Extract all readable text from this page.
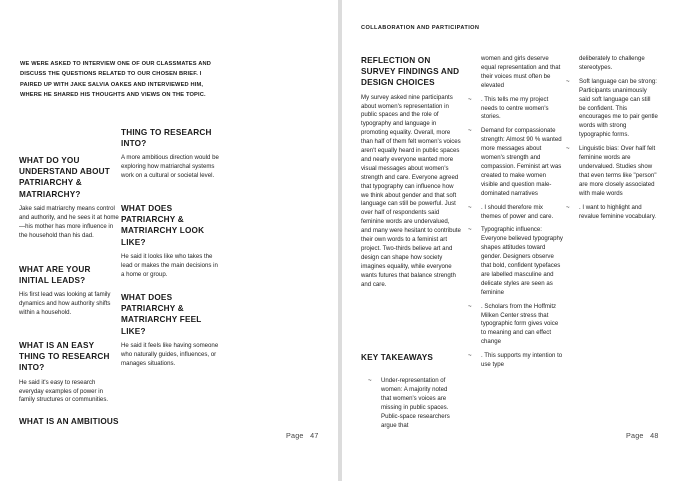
WE WERE ASKED TO INTERVIEW ONE OF OUR CLASSMATES AND DISCUSS THE QUESTIONS RELATED TO OUR CHOSEN BRIEF. I PAIRED UP WITH JAKE SALVIA OAKES AND INTERVIEWED HIM, WHERE HE SHARED HIS THOUGHTS AND VIEWS ON THE TOPIC.
WHAT DO YOU UNDERSTAND ABOUT PATRIARCHY & MATRIARCHY?
Jake said matriarchy means control and authority, and he sees it at home—his mother has more influence in the household than his dad.
WHAT ARE YOUR INITIAL LEADS?
His first lead was looking at family dynamics and how authority shifts within a household.
WHAT IS AN EASY THING TO RESEARCH INTO?
He said it's easy to research everyday examples of power in family structures or communities.
WHAT IS AN AMBITIOUS
THING TO RESEARCH INTO?
A more ambitious direction would be exploring how matriarchal systems work on a cultural or societal level.
WHAT DOES PATRIARCHY & MATRIARCHY LOOK LIKE?
He said it looks like who takes the lead or makes the main decisions in a home or group.
WHAT DOES PATRIARCHY & MATRIARCHY FEEL LIKE?
He said it feels like having someone who naturally guides, influences, or manages situations.
Page   47
COLLABORATION AND PARTICIPATION
REFLECTION ON SURVEY FINDINGS AND DESIGN CHOICES
My survey asked nine participants about women's representation in public spaces and the role of typography and language in promoting equality. Overall, more than half of them felt women's voices aren't equally heard in public spaces and nearly everyone wanted more visual messages about women's strength and care. Everyone agreed that typography can influence how we think about gender and that soft language can still be powerful. Just over half of respondents said feminine words are undervalued, and many were hesitant to contribute their own words to a feminist art project. Two-thirds believe art and design can shape how society imagines equality, while everyone wants futures that balance strength and care.
KEY TAKEAWAYS
~ Under-representation of women: A majority noted that women's voices are missing in public spaces. Public-space researchers argue that
women and girls deserve equal representation and that their voices must often be elevated
~ . This tells me my project needs to centre women's stories.
~ Demand for compassionate strength: Almost 90 % wanted more messages about women's strength and compassion. Feminist art was created to make women visible and question male-dominated narratives
~ . I should therefore mix themes of power and care.
~ Typographic influence: Everyone believed typography shapes attitudes toward gender. Designers observe that bold, confident typefaces are labelled masculine and delicate styles are seen as feminine
~ . Scholars from the Hoffmitz Milken Center stress that typographic form gives voice to meaning and can effect change
~ . This supports my intention to use type
deliberately to challenge stereotypes.
~ Soft language can be strong: Participants unanimously said soft language can still be confident. This encourages me to pair gentle words with strong typographic forms.
~ Linguistic bias: Over half felt feminine words are undervalued. Studies show that even terms like "person" are more closely associated with male words
~ . I want to highlight and revalue feminine vocabulary.
Page   48
